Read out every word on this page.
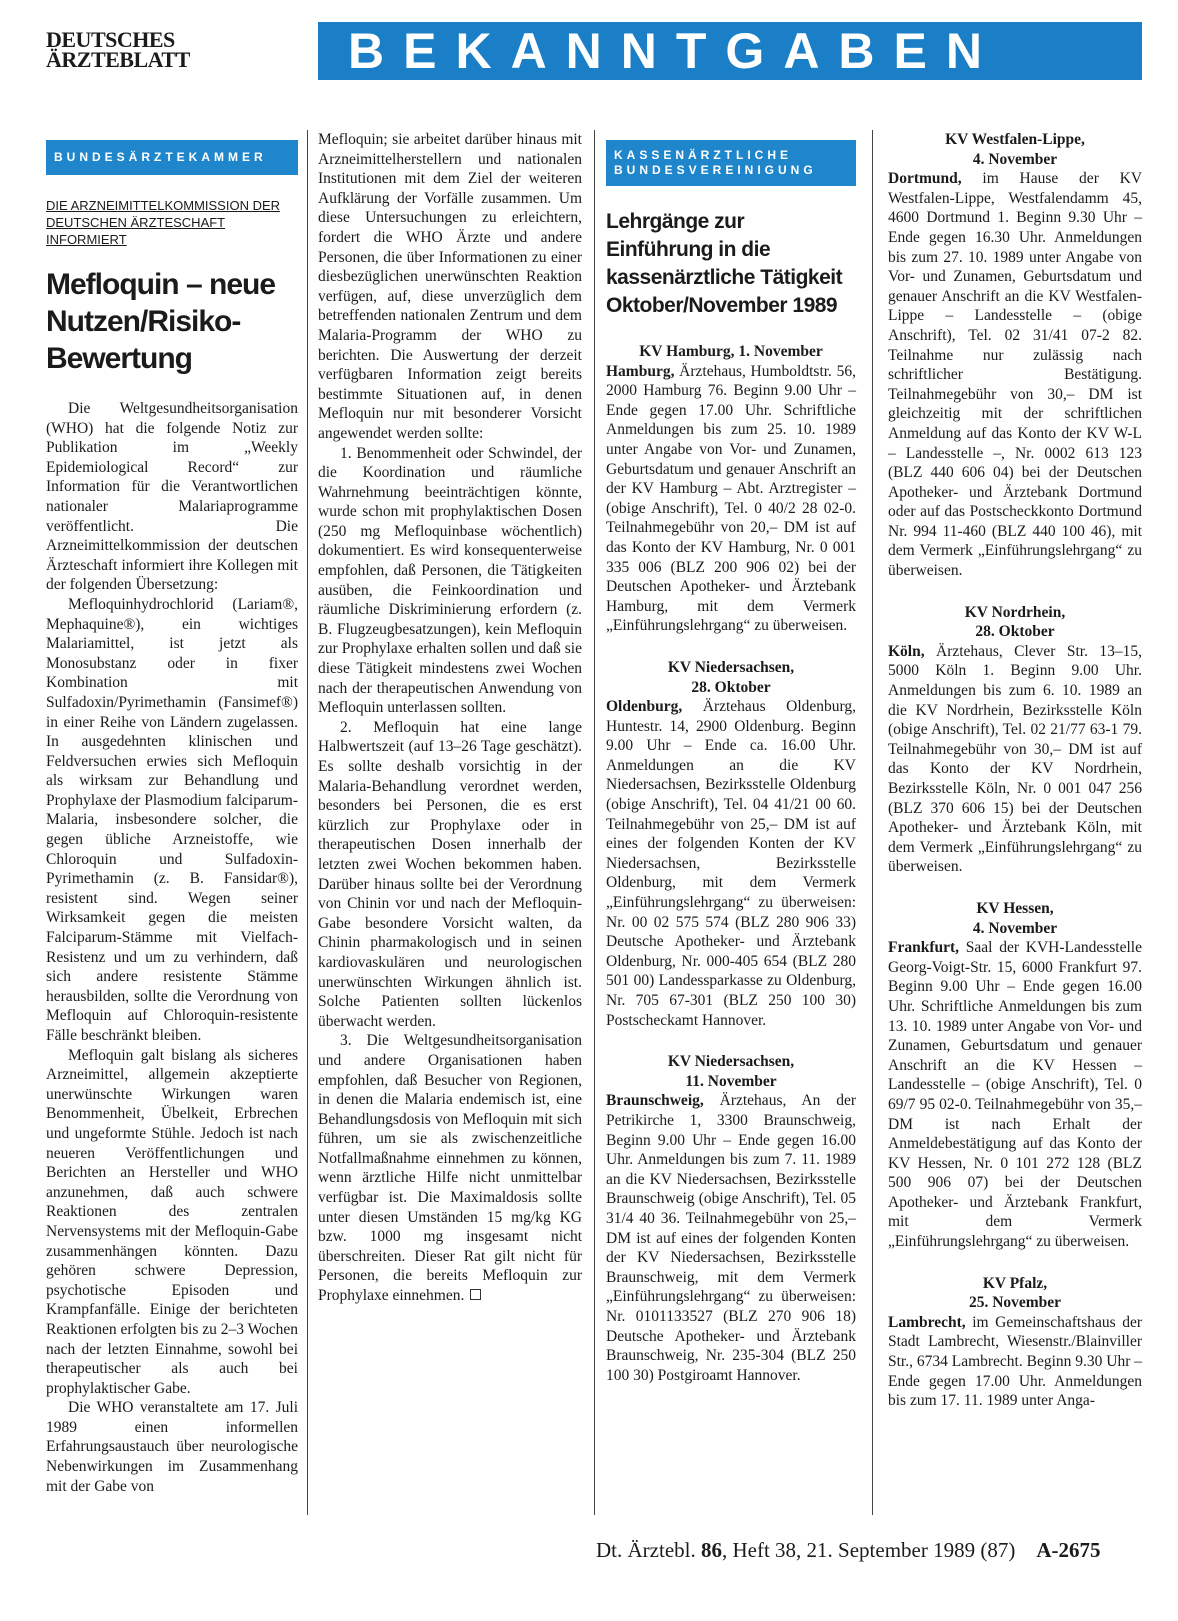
DEUTSCHES
ÄRZTEBLATT	BEKANNTGABEN
BUNDESÄRZTEKAMMER
DIE ARZNEIMITTELKOMMISSION DER DEUTSCHEN ÄRZTESCHAFT INFORMIERT
Mefloquin – neue Nutzen/Risiko-Bewertung

Die Weltgesundheitsorganisation (WHO) hat die folgende Notiz zur Publikation im „Weekly Epidemiological Record“ zur Information für die Verantwortlichen nationaler Malariaprogramme veröffentlicht. Die Arzneimittelkommission der deutschen Ärzteschaft informiert ihre Kollegen mit der folgenden Übersetzung:

Mefloquinhydrochlorid (Lariam®, Mephaquine®), ein wichtiges Malariamittel, ist jetzt als Monosubstanz oder in fixer Kombination mit Sulfadoxin/Pyrimethamin (Fansimef®) in einer Reihe von Ländern zugelassen. In ausgedehnten klinischen und Feldversuchen erwies sich Mefloquin als wirksam zur Behandlung und Prophylaxe der Plasmodium falciparum-Malaria, insbesondere solcher, die gegen übliche Arzneistoffe, wie Chloroquin und Sulfadoxin-Pyrimethamin (z. B. Fansidar®), resistent sind. Wegen seiner Wirksamkeit gegen die meisten Falciparum-Stämme mit Vielfach-Resistenz und um zu verhindern, daß sich andere resistente Stämme herausbilden, sollte die Verordnung von Mefloquin auf Chloroquin-resistente Fälle beschränkt bleiben.

Mefloquin galt bislang als sicheres Arzneimittel, allgemein akzeptierte unerwünschte Wirkungen waren Benommenheit, Übelkeit, Erbrechen und ungeformte Stühle. Jedoch ist nach neueren Veröffentlichungen und Berichten an Hersteller und WHO anzunehmen, daß auch schwere Reaktionen des zentralen Nervensystems mit der Mefloquin-Gabe zusammenhängen könnten. Dazu gehören schwere Depression, psychotische Episoden und Krampfanfälle. Einige der berichteten Reaktionen erfolgten bis zu 2–3 Wochen nach der letzten Einnahme, sowohl bei therapeutischer als auch bei prophylaktischer Gabe.

Die WHO veranstaltete am 17. Juli 1989 einen informellen Erfahrungsaustauch über neurologische Nebenwirkungen im Zusammenhang mit der Gabe von

Mefloquin; sie arbeitet darüber hinaus mit Arzneimittelherstellern und nationalen Institutionen mit dem Ziel der weiteren Aufklärung der Vorfälle zusammen. Um diese Untersuchungen zu erleichtern, fordert die WHO Ärzte und andere Personen, die über Informationen zu einer diesbezüglichen unerwünschten Reaktion verfügen, auf, diese unverzüglich dem betreffenden nationalen Zentrum und dem Malaria-Programm der WHO zu berichten. Die Auswertung der derzeit verfügbaren Information zeigt bereits bestimmte Situationen auf, in denen Mefloquin nur mit besonderer Vorsicht angewendet werden sollte:

1. Benommenheit oder Schwindel, der die Koordination und räumliche Wahrnehmung beeinträchtigen könnte, wurde schon mit prophylaktischen Dosen (250 mg Mefloquinbase wöchentlich) dokumentiert. Es wird konsequenterweise empfohlen, daß Personen, die Tätigkeiten ausüben, die Feinkoordination und räumliche Diskriminierung erfordern (z. B. Flugzeugbesatzungen), kein Mefloquin zur Prophylaxe erhalten sollen und daß sie diese Tätigkeit mindestens zwei Wochen nach der therapeutischen Anwendung von Mefloquin unterlassen sollten.

2. Mefloquin hat eine lange Halbwertszeit (auf 13–26 Tage geschätzt). Es sollte deshalb vorsichtig in der Malaria-Behandlung verordnet werden, besonders bei Personen, die es erst kürzlich zur Prophylaxe oder in therapeutischen Dosen innerhalb der letzten zwei Wochen bekommen haben. Darüber hinaus sollte bei der Verordnung von Chinin vor und nach der Mefloquin-Gabe besondere Vorsicht walten, da Chinin pharmakologisch und in seinen kardiovaskulären und neurologischen unerwünschten Wirkungen ähnlich ist. Solche Patienten sollten lückenlos überwacht werden.

3. Die Weltgesundheitsorganisation und andere Organisationen haben empfohlen, daß Besucher von Regionen, in denen die Malaria endemisch ist, eine Behandlungsdosis von Mefloquin mit sich führen, um sie als zwischenzeitliche Notfallmaßnahme einnehmen zu können, wenn ärztliche Hilfe nicht unmittelbar verfügbar ist. Die Maximaldosis sollte unter diesen Umständen 15 mg/kg KG bzw. 1000 mg insgesamt nicht überschreiten. Dieser Rat gilt nicht für Personen, die bereits Mefloquin zur Prophylaxe einnehmen.

KASSENÄRZTLICHE
BUNDESVEREINIGUNG
Lehrgänge zur Einführung in die kassenärztliche Tätigkeit Oktober/November 1989
KV Hamburg, 1. November

Hamburg, Ärztehaus, Humboldtstr. 56, 2000 Hamburg 76. Beginn 9.00 Uhr – Ende gegen 17.00 Uhr. Schriftliche Anmeldungen bis zum 25. 10. 1989 unter Angabe von Vor- und Zunamen, Geburtsdatum und genauer Anschrift an der KV Hamburg – Abt. Arztregister – (obige Anschrift), Tel. 0 40/2 28 02-0. Teilnahmegebühr von 20,– DM ist auf das Konto der KV Hamburg, Nr. 0 001 335 006 (BLZ 200 906 02) bei der Deutschen Apotheker- und Ärztebank Hamburg, mit dem Vermerk „Einführungslehrgang“ zu überweisen.

KV Niedersachsen,
28. Oktober

Oldenburg, Ärztehaus Oldenburg, Huntestr. 14, 2900 Oldenburg. Beginn 9.00 Uhr – Ende ca. 16.00 Uhr. Anmeldungen an die KV Niedersachsen, Bezirksstelle Oldenburg (obige Anschrift), Tel. 04 41/21 00 60. Teilnahmegebühr von 25,– DM ist auf eines der folgenden Konten der KV Niedersachsen, Bezirksstelle Oldenburg, mit dem Vermerk „Einführungslehrgang“ zu überweisen: Nr. 00 02 575 574 (BLZ 280 906 33) Deutsche Apotheker- und Ärztebank Oldenburg, Nr. 000-405 654 (BLZ 280 501 00) Landessparkasse zu Oldenburg, Nr. 705 67-301 (BLZ 250 100 30) Postscheckamt Hannover.

KV Niedersachsen,
11. November

Braunschweig, Ärztehaus, An der Petrikirche 1, 3300 Braunschweig, Beginn 9.00 Uhr – Ende gegen 16.00 Uhr. Anmeldungen bis zum 7. 11. 1989 an die KV Niedersachsen, Bezirksstelle Braunschweig (obige Anschrift), Tel. 05 31/4 40 36. Teilnahmegebühr von 25,– DM ist auf eines der folgenden Konten der KV Niedersachsen, Bezirksstelle Braunschweig, mit dem Vermerk „Einführungslehrgang“ zu überweisen: Nr. 0101133527 (BLZ 270 906 18) Deutsche Apotheker- und Ärztebank Braunschweig, Nr. 235-304 (BLZ 250 100 30) Postgiroamt Hannover.

KV Westfalen-Lippe,
4. November

Dortmund, im Hause der KV Westfalen-Lippe, Westfalendamm 45, 4600 Dortmund 1. Beginn 9.30 Uhr – Ende gegen 16.30 Uhr. Anmeldungen bis zum 27. 10. 1989 unter Angabe von Vor- und Zunamen, Geburtsdatum und genauer Anschrift an die KV Westfalen-Lippe – Landesstelle – (obige Anschrift), Tel. 02 31/41 07-2 82. Teilnahme nur zulässig nach schriftlicher Bestätigung. Teilnahmegebühr von 30,– DM ist gleichzeitig mit der schriftlichen Anmeldung auf das Konto der KV W-L – Landesstelle –, Nr. 0002 613 123 (BLZ 440 606 04) bei der Deutschen Apotheker- und Ärztebank Dortmund oder auf das Postscheckkonto Dortmund Nr. 994 11-460 (BLZ 440 100 46), mit dem Vermerk „Einführungslehrgang“ zu überweisen.

KV Nordrhein,
28. Oktober

Köln, Ärztehaus, Clever Str. 13–15, 5000 Köln 1. Beginn 9.00 Uhr. Anmeldungen bis zum 6. 10. 1989 an die KV Nordrhein, Bezirksstelle Köln (obige Anschrift), Tel. 02 21/77 63-1 79. Teilnahmegebühr von 30,– DM ist auf das Konto der KV Nordrhein, Bezirksstelle Köln, Nr. 0 001 047 256 (BLZ 370 606 15) bei der Deutschen Apotheker- und Ärztebank Köln, mit dem Vermerk „Einführungslehrgang“ zu überweisen.

KV Hessen,
4. November

Frankfurt, Saal der KVH-Landesstelle Georg-Voigt-Str. 15, 6000 Frankfurt 97. Beginn 9.00 Uhr – Ende gegen 16.00 Uhr. Schriftliche Anmeldungen bis zum 13. 10. 1989 unter Angabe von Vor- und Zunamen, Geburtsdatum und genauer Anschrift an die KV Hessen – Landesstelle – (obige Anschrift), Tel. 0 69/7 95 02-0. Teilnahmegebühr von 35,– DM ist nach Erhalt der Anmeldebestätigung auf das Konto der KV Hessen, Nr. 0 101 272 128 (BLZ 500 906 07) bei der Deutschen Apotheker- und Ärztebank Frankfurt, mit dem Vermerk „Einführungslehrgang“ zu überweisen.

KV Pfalz,
25. November

Lambrecht, im Gemeinschaftshaus der Stadt Lambrecht, Wiesenstr./Blainviller Str., 6734 Lambrecht. Beginn 9.30 Uhr – Ende gegen 17.00 Uhr. Anmeldungen bis zum 17. 11. 1989 unter Anga-

Dt. Ärztebl. 86, Heft 38, 21. September 1989 (87) A-2675
